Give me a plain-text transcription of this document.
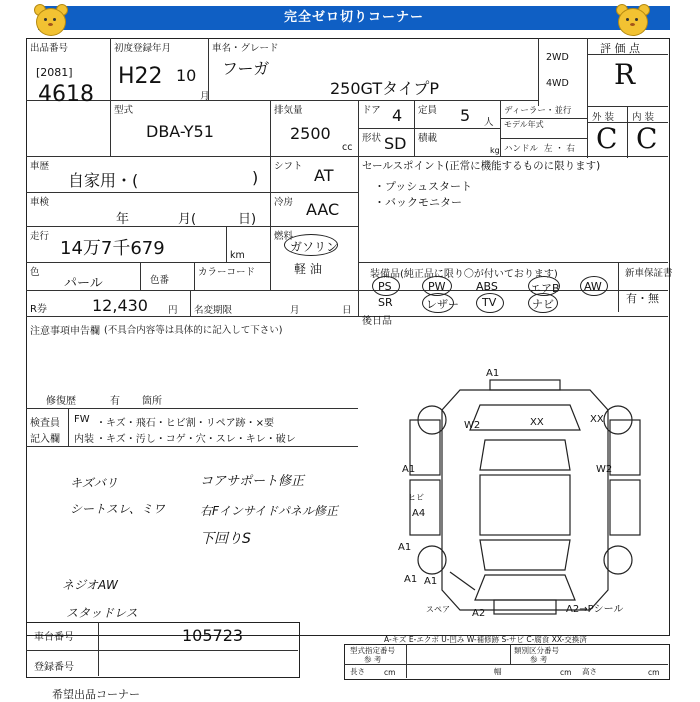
完全ゼロ切りコーナー
出品番号
[2081]
4618
初度登録年月
H22 10
月
車名・グレード
フーガ
250GTタイプP
2WD
4WD
評 価 点
R
外 装 内 装
C C
型式
DBA-Y51
排気量
2500
cc
ドア 4 定員 5 人
形状 SD 積載
kg
ディーラー・並行
モデル年式
ハンドル 左 ・ 右
車歴
自家用・(	)
シフト AT
車検
年	月(	日)
冷房 AAC
走行
14万7千679	km
燃料
ガソリン
軽 油
色
パール	色番
カラーコード
セールスポイント(正常に機能するものに限ります)
・プッシュスタート
・バックモニター
装備品(純正品に限り〇が付いております)	新車保証書
有・無
PS	PW	ABS	エアB AW
SR	レザー TV	ナビ
R券	12,430 円 名変期限	月	日
注意事項申告欄 (不具合内容等は具体的に記入して下さい)
後日品
修復歴	有 箇所
検査員
記入欄
FW ・キズ・飛石・ヒビ割・リペア跡・×要
内装 ・キズ・汚し・コゲ・穴・スレ・キレ・破レ
キズバリ
シートスレ、ミワ
コアサポート修正
右Fインサイドパネル修正
下回りS
ネジオAW
スタッドレス
A1
XX	XX
W2
W2
A1
A1
ヒビ
A4
A1 A1
A2	A2→Pシール
スペア
A-キズ E-エクボ U-凹み W-補修跡 S-サビ C-腐食 XX-交換済
車台番号	105723
登録番号
型式指定番号
参 考
類別区分番号
参 考
長さ	cm	幅	cm 高さ	cm
希望出品コーナー
